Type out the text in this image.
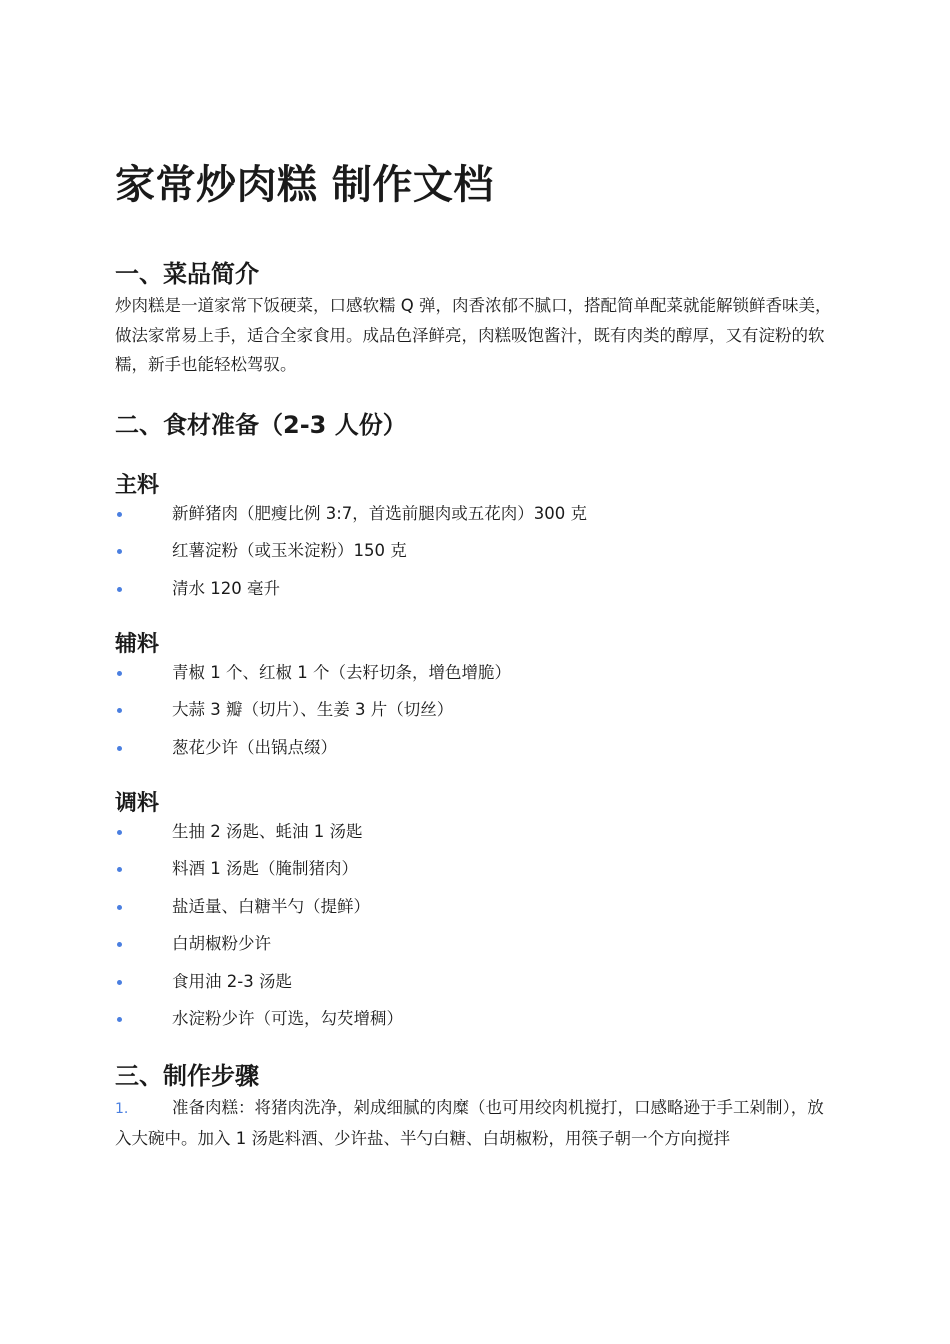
家常炒肉糕 制作文档
一、菜品简介

炒肉糕是一道家常下饭硬菜，口感软糯 Q 弹，肉香浓郁不腻口，搭配简单配菜就能解锁鲜香味美，做法家常易上手，适合全家食用。成品色泽鲜亮，肉糕吸饱酱汁，既有肉类的醇厚，又有淀粉的软糯，新手也能轻松驾驭。

二、食材准备（2-3 人份）
主料
新鲜猪肉（肥瘦比例 3:7，首选前腿肉或五花肉）300 克
红薯淀粉（或玉米淀粉）150 克
清水 120 毫升
辅料
青椒 1 个、红椒 1 个（去籽切条，增色增脆）
大蒜 3 瓣（切片）、生姜 3 片（切丝）
葱花少许（出锅点缀）
调料
生抽 2 汤匙、蚝油 1 汤匙
料酒 1 汤匙（腌制猪肉）
盐适量、白糖半勺（提鲜）
白胡椒粉少许
食用油 2-3 汤匙
水淀粉少许（可选，勾芡增稠）
三、制作步骤
1.	准备肉糕：将猪肉洗净，剁成细腻的肉糜（也可用绞肉机搅打，口感略逊于手工剁制），放入大碗中。加入 1 汤匙料酒、少许盐、半勺白糖、白胡椒粉，用筷子朝一个方向搅拌
